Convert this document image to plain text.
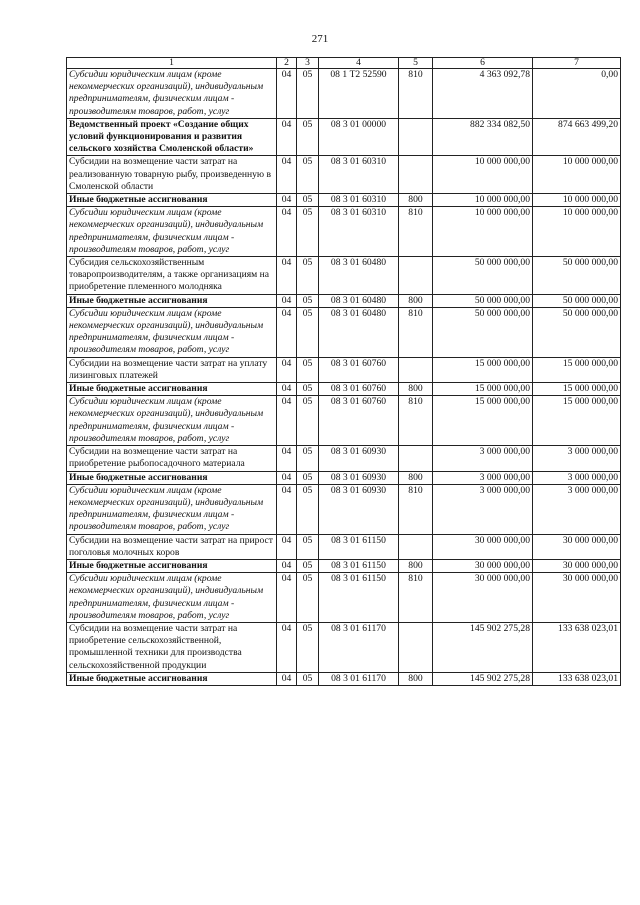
271
1	2	3	4	5	6	7
Субсидии юридическим лицам (кроме некоммерческих организаций), индивидуальным предпринимателям, физическим лицам - производителям товаров, работ, услуг	04	05	08 1 Т2 52590	810	4 363 092,78	0,00
Ведомственный проект «Создание общих условий функционирования и развития сельского хозяйства Смоленской области»	04	05	08 3 01 00000		882 334 082,50	874 663 499,20
Субсидии на возмещение части затрат на реализованную товарную рыбу, произведенную в Смоленской области	04	05	08 3 01 60310		10 000 000,00	10 000 000,00
Иные бюджетные ассигнования	04	05	08 3 01 60310	800	10 000 000,00	10 000 000,00
Субсидии юридическим лицам (кроме некоммерческих организаций), индивидуальным предпринимателям, физическим лицам - производителям товаров, работ, услуг	04	05	08 3 01 60310	810	10 000 000,00	10 000 000,00
Субсидия сельскохозяйственным товаропроизводителям, а также организациям на приобретение племенного молодняка	04	05	08 3 01 60480		50 000 000,00	50 000 000,00
Иные бюджетные ассигнования	04	05	08 3 01 60480	800	50 000 000,00	50 000 000,00
Субсидии юридическим лицам (кроме некоммерческих организаций), индивидуальным предпринимателям, физическим лицам - производителям товаров, работ, услуг	04	05	08 3 01 60480	810	50 000 000,00	50 000 000,00
Субсидии на возмещение части затрат на уплату лизинговых платежей	04	05	08 3 01 60760		15 000 000,00	15 000 000,00
Иные бюджетные ассигнования	04	05	08 3 01 60760	800	15 000 000,00	15 000 000,00
Субсидии юридическим лицам (кроме некоммерческих организаций), индивидуальным предпринимателям, физическим лицам - производителям товаров, работ, услуг	04	05	08 3 01 60760	810	15 000 000,00	15 000 000,00
Субсидии на возмещение части затрат на приобретение рыбопосадочного материала	04	05	08 3 01 60930		3 000 000,00	3 000 000,00
Иные бюджетные ассигнования	04	05	08 3 01 60930	800	3 000 000,00	3 000 000,00
Субсидии юридическим лицам (кроме некоммерческих организаций), индивидуальным предпринимателям, физическим лицам - производителям товаров, работ, услуг	04	05	08 3 01 60930	810	3 000 000,00	3 000 000,00
Субсидии на возмещение части затрат на прирост поголовья молочных коров	04	05	08 3 01 61150		30 000 000,00	30 000 000,00
Иные бюджетные ассигнования	04	05	08 3 01 61150	800	30 000 000,00	30 000 000,00
Субсидии юридическим лицам (кроме некоммерческих организаций), индивидуальным предпринимателям, физическим лицам - производителям товаров, работ, услуг	04	05	08 3 01 61150	810	30 000 000,00	30 000 000,00
Субсидии на возмещение части затрат на приобретение сельскохозяйственной, промышленной техники для производства сельскохозяйственной продукции	04	05	08 3 01 61170		145 902 275,28	133 638 023,01
Иные бюджетные ассигнования	04	05	08 3 01 61170	800	145 902 275,28	133 638 023,01
